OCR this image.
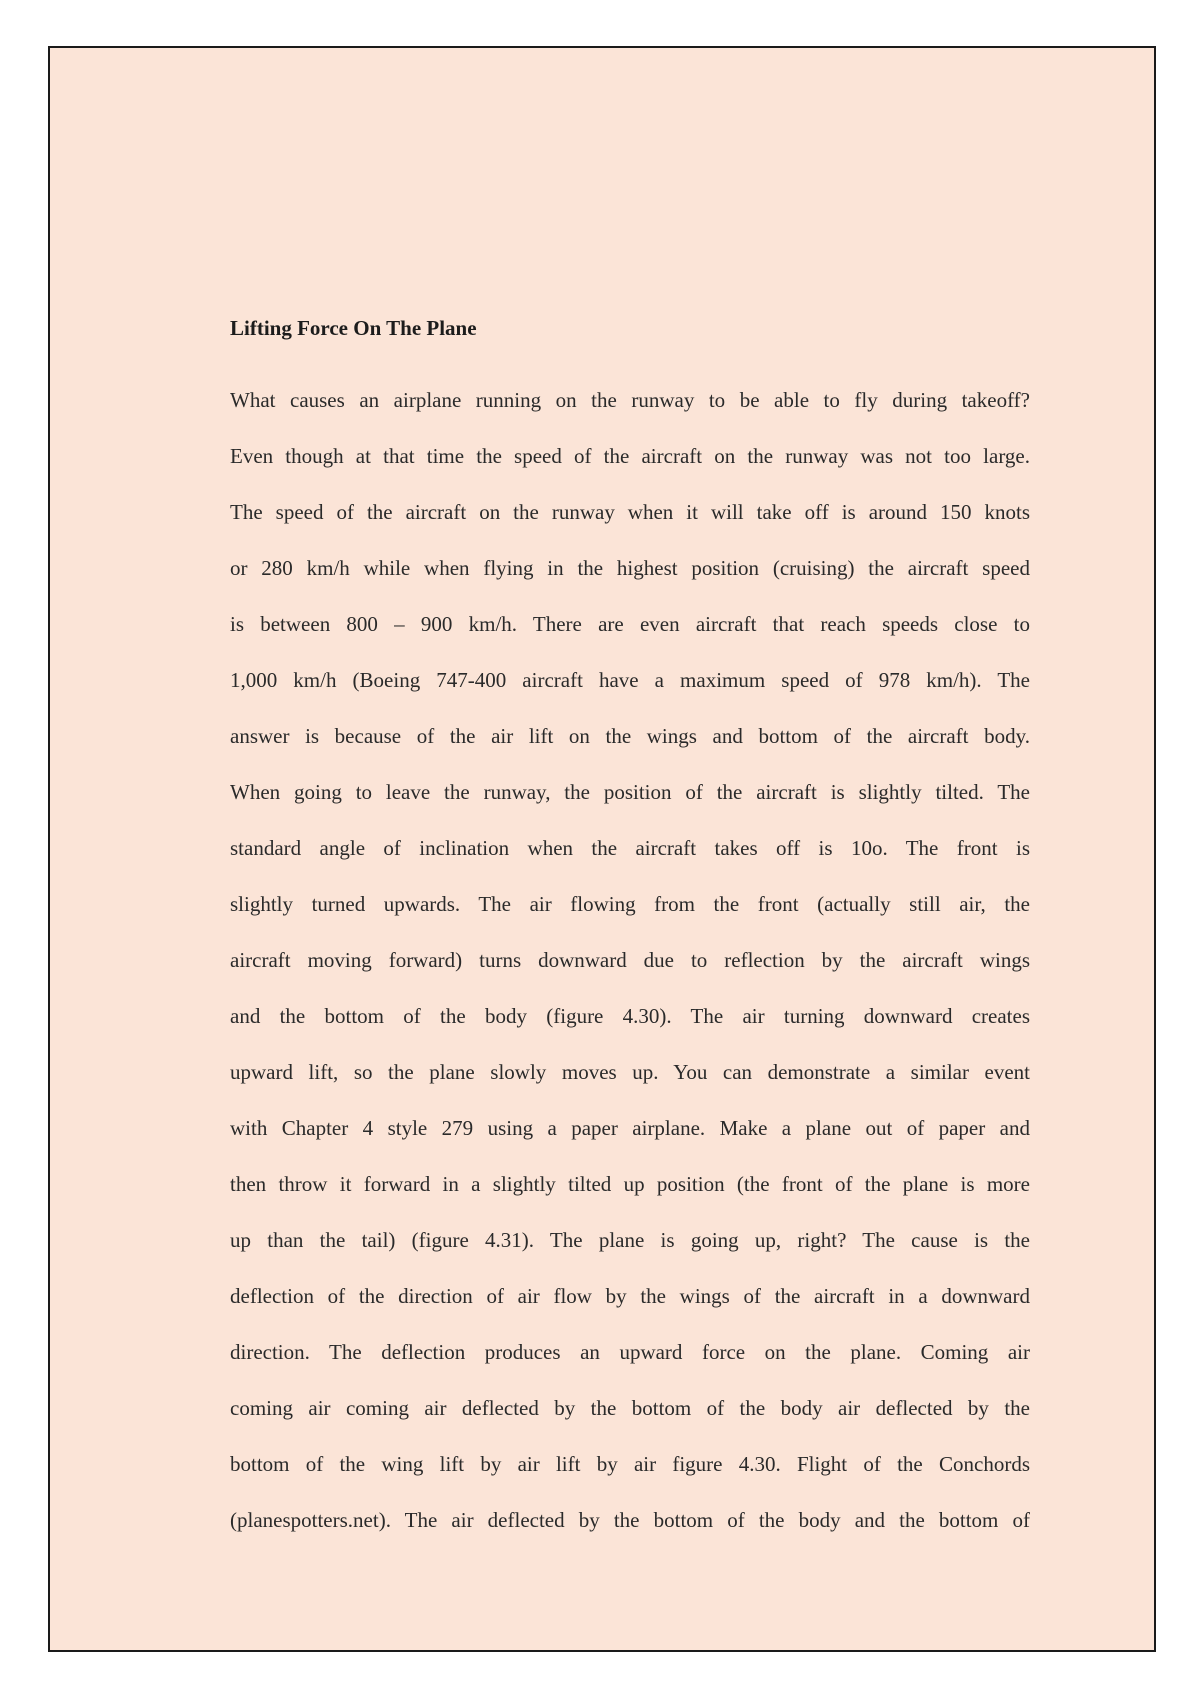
Lifting Force On The Plane

What causes an airplane running on the runway to be able to fly during takeoff?
Even though at that time the speed of the aircraft on the runway was not too large.
The speed of the aircraft on the runway when it will take off is around 150 knots
or 280 km/h while when flying in the highest position (cruising) the aircraft speed
is between 800 – 900 km/h. There are even aircraft that reach speeds close to
1,000 km/h (Boeing 747-400 aircraft have a maximum speed of 978 km/h). The
answer is because of the air lift on the wings and bottom of the aircraft body.
When going to leave the runway, the position of the aircraft is slightly tilted. The
standard angle of inclination when the aircraft takes off is 10o. The front is
slightly turned upwards. The air flowing from the front (actually still air, the
aircraft moving forward) turns downward due to reflection by the aircraft wings
and the bottom of the body (figure 4.30). The air turning downward creates
upward lift, so the plane slowly moves up. You can demonstrate a similar event
with Chapter 4 style 279 using a paper airplane. Make a plane out of paper and
then throw it forward in a slightly tilted up position (the front of the plane is more
up than the tail) (figure 4.31). The plane is going up, right? The cause is the
deflection of the direction of air flow by the wings of the aircraft in a downward
direction. The deflection produces an upward force on the plane. Coming air
coming air coming air deflected by the bottom of the body air deflected by the
bottom of the wing lift by air lift by air figure 4.30. Flight of the Conchords
(planespotters.net). The air deflected by the bottom of the body and the bottom of
